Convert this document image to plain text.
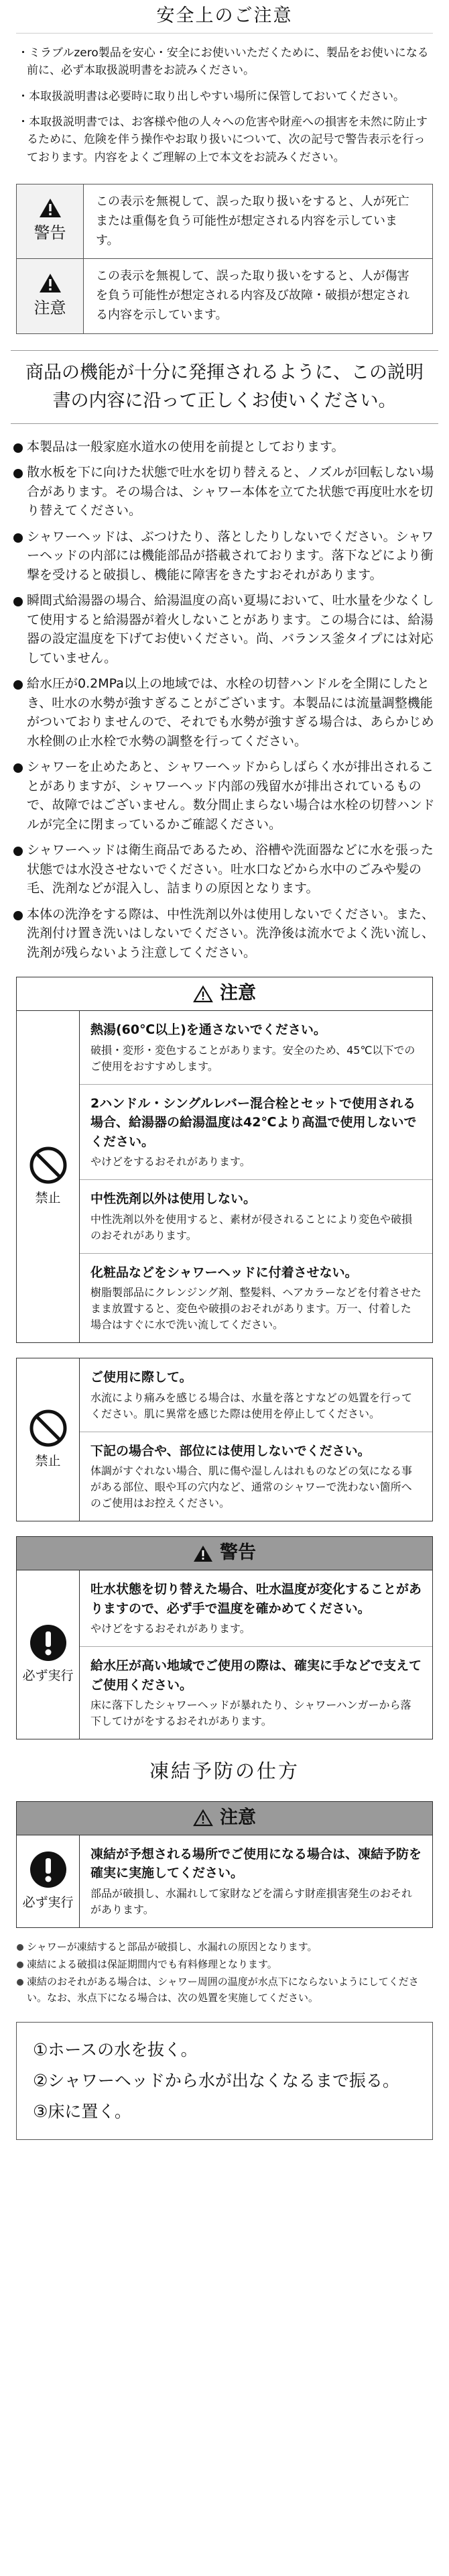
安全上のご注意

・ミラブルzero製品を安心・安全にお使いいただくために、製品をお使いになる前に、必ず本取扱説明書をお読みください。

・本取扱説明書は必要時に取り出しやすい場所に保管しておいてください。

・本取扱説明書では、お客様や他の人々への危害や財産への損害を未然に防止するために、危険を伴う操作やお取り扱いについて、次の記号で警告表示を行っております。内容をよくご理解の上で本文をお読みください。

警告
この表示を無視して、誤った取り扱いをすると、人が死亡または重傷を負う可能性が想定される内容を示しています。
注意
この表示を無視して、誤った取り扱いをすると、人が傷害を負う可能性が想定される内容及び故障・破損が想定される内容を示しています。
商品の機能が十分に発揮されるように、この説明書の内容に沿って正しくお使いください。

本製品は一般家庭水道水の使用を前提としております。

散水板を下に向けた状態で吐水を切り替えると、ノズルが回転しない場合があります。その場合は、シャワー本体を立てた状態で再度吐水を切り替えてください。

シャワーヘッドは、ぶつけたり、落としたりしないでください。シャワーヘッドの内部には機能部品が搭載されております。落下などにより衝撃を受けると破損し、機能に障害をきたすおそれがあります。

瞬間式給湯器の場合、給湯温度の高い夏場において、吐水量を少なくして使用すると給湯器が着火しないことがあります。この場合には、給湯器の設定温度を下げてお使いください。尚、バランス釜タイプには対応していません。

給水圧が0.2MPa以上の地域では、水栓の切替ハンドルを全開にしたとき、吐水の水勢が強すぎることがございます。本製品には流量調整機能がついておりませんので、それでも水勢が強すぎる場合は、あらかじめ水栓側の止水栓で水勢の調整を行ってください。

シャワーを止めたあと、シャワーヘッドからしばらく水が排出されることがありますが、シャワーヘッド内部の残留水が排出されているもので、故障ではございません。数分間止まらない場合は水栓の切替ハンドルが完全に閉まっているかご確認ください。

シャワーヘッドは衛生商品であるため、浴槽や洗面器などに水を張った状態では水没させないでください。吐水口などから水中のごみや髪の毛、洗剤などが混入し、詰まりの原因となります。

本体の洗浄をする際は、中性洗剤以外は使用しないでください。また、洗剤付け置き洗いはしないでください。洗浄後は流水でよく洗い流し、洗剤が残らないよう注意してください。

注意
禁止
熱湯(60℃以上)を通さないでください。
破損・変形・変色することがあります。安全のため、45℃以下でのご使用をおすすめします。
2ハンドル・シングルレバー混合栓とセットで使用される場合、給湯器の給湯温度は42℃より高温で使用しないでください。
やけどをするおそれがあります。
中性洗剤以外は使用しない。
中性洗剤以外を使用すると、素材が侵されることにより変色や破損のおそれがあります。
化粧品などをシャワーヘッドに付着させない。
樹脂製部品にクレンジング剤、整髪料、ヘアカラーなどを付着させたまま放置すると、変色や破損のおそれがあります。万一、付着した場合はすぐに水で洗い流してください。
禁止
ご使用に際して。
水流により痛みを感じる場合は、水量を落とすなどの処置を行ってください。肌に異常を感じた際は使用を停止してください。
下記の場合や、部位には使用しないでください。
体調がすぐれない場合、肌に傷や湿しんはれものなどの気になる事がある部位、眼や耳の穴内など、通常のシャワーで洗わない箇所へのご使用はお控えください。
警告
必ず実行
吐水状態を切り替えた場合、吐水温度が変化することがありますので、必ず手で温度を確かめてください。
やけどをするおそれがあります。
給水圧が高い地域でご使用の際は、確実に手などで支えてご使用ください。
床に落下したシャワーヘッドが暴れたり、シャワーハンガーから落下してけがをするおそれがあります。
凍結予防の仕方
注意
必ず実行
凍結が予想される場所でご使用になる場合は、凍結予防を確実に実施してください。
部品が破損し、水漏れして家財などを濡らす財産損害発生のおそれがあります。

シャワーが凍結すると部品が破損し、水漏れの原因となります。

凍結による破損は保証期間内でも有料修理となります。

凍結のおそれがある場合は、シャワー周囲の温度が水点下にならないようにしてください。なお、氷点下になる場合は、次の処置を実施してください。

①ホースの水を抜く。

②シャワーヘッドから水が出なくなるまで振る。

③床に置く。
